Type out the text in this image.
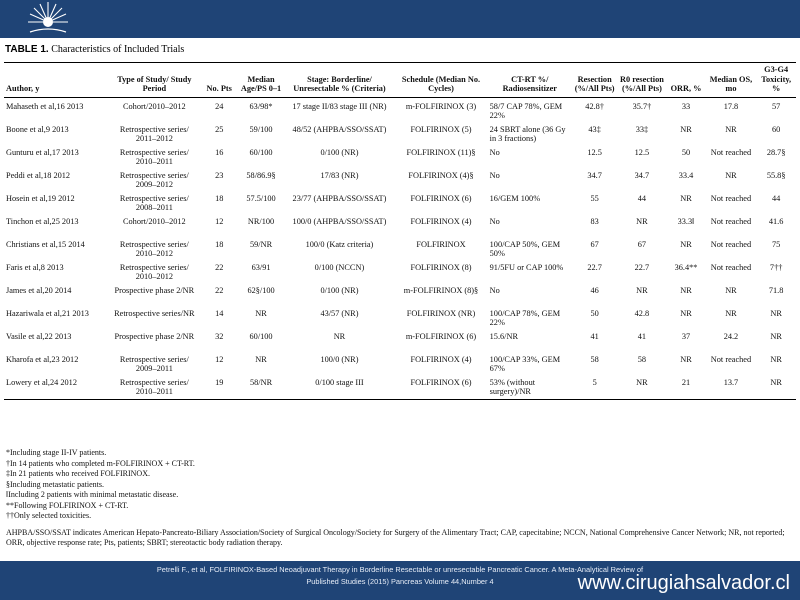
TABLE 1. Characteristics of Included Trials
Author, y	Type of Study/ Study Period	No. Pts	Median Age/PS 0–1	Stage: Borderline/ Unresectable % (Criteria)	Schedule (Median No. Cycles)	CT-RT %/ Radiosensitizer	Resection (%/All Pts)	R0 resection (%/All Pts)	ORR, %	Median OS, mo	G3-G4 Toxicity, %
Mahaseth et al,16 2013	Cohort/2010–2012	24	63/98*	17 stage II/83 stage III (NR)	m-FOLFIRINOX (3)	58/7 CAP 78%, GEM 22%	42.8†	35.7†	33	17.8	57
Boone et al,9 2013	Retrospective series/ 2011–2012	25	59/100	48/52 (AHPBA/SSO/SSAT)	FOLFIRINOX (5)	24 SBRT alone (36 Gy in 3 fractions)	43‡	33‡	NR	NR	60
Gunturu et al,17 2013	Retrospective series/ 2010–2011	16	60/100	0/100 (NR)	FOLFIRINOX (11)§	No	12.5	12.5	50	Not reached	28.7§
Peddi et al,18 2012	Retrospective series/ 2009–2012	23	58/86.9§	17/83 (NR)	FOLFIRINOX (4)§	No	34.7	34.7	33.4	NR	55.8§
Hosein et al,19 2012	Retrospective series/ 2008–2011	18	57.5/100	23/77 (AHPBA/SSO/SSAT)	FOLFIRINOX (6)	16/GEM 100%	55	44	NR	Not reached	44
Tinchon et al,25 2013	Cohort/2010–2012	12	NR/100	100/0 (AHPBA/SSO/SSAT)	FOLFIRINOX (4)	No	83	NR	33.3‖	Not reached	41.6
Christians et al,15 2014	Retrospective series/ 2010–2012	18	59/NR	100/0 (Katz criteria)	FOLFIRINOX	100/CAP 50%, GEM 50%	67	67	NR	Not reached	75
Faris et al,8 2013	Retrospective series/ 2010–2012	22	63/91	0/100 (NCCN)	FOLFIRINOX (8)	91/5FU or CAP 100%	22.7	22.7	36.4**	Not reached	7††
James et al,20 2014	Prospective phase 2/NR	22	62§/100	0/100 (NR)	m-FOLFIRINOX (8)§	No	46	NR	NR	NR	71.8
Hazariwala et al,21 2013	Retrospective series/NR	14	NR	43/57 (NR)	FOLFIRINOX (NR)	100/CAP 78%, GEM 22%	50	42.8	NR	NR	NR
Vasile et al,22 2013	Prospective phase 2/NR	32	60/100	NR	m-FOLFIRINOX (6)	15.6/NR	41	41	37	24.2	NR
Kharofa et al,23 2012	Retrospective series/ 2009–2011	12	NR	100/0 (NR)	FOLFIRINOX (4)	100/CAP 33%, GEM 67%	58	58	NR	Not reached	NR
Lowery et al,24 2012	Retrospective series/ 2010–2011	19	58/NR	0/100 stage III	FOLFIRINOX (6)	53% (without surgery)/NR	5	NR	21	13.7	NR
*Including stage II-IV patients.
†In 14 patients who completed m-FOLFIRINOX + CT-RT.
‡In 21 patients who received FOLFIRINOX.
§Including metastatic patients.
‖Including 2 patients with minimal metastatic disease.
**Following FOLFIRINOX + CT-RT.
††Only selected toxicities.
AHPBA/SSO/SSAT indicates American Hepato-Pancreato-Biliary Association/Society of Surgical Oncology/Society for Surgery of the Alimentary Tract; CAP, capecitabine; NCCN, National Comprehensive Cancer Network; NR, not reported; ORR, objective response rate; Pts, patients; SBRT; stereotactic body radiation therapy.
Petrelli F., et al, FOLFIRINOX-Based Neoadjuvant Therapy in Borderline Resectable or unresectable Pancreatic Cancer. A Meta-Analytical Review of
Published Studies (2015) Pancreas Volume 44,Number 4	www.cirugiahsalvador.cl
